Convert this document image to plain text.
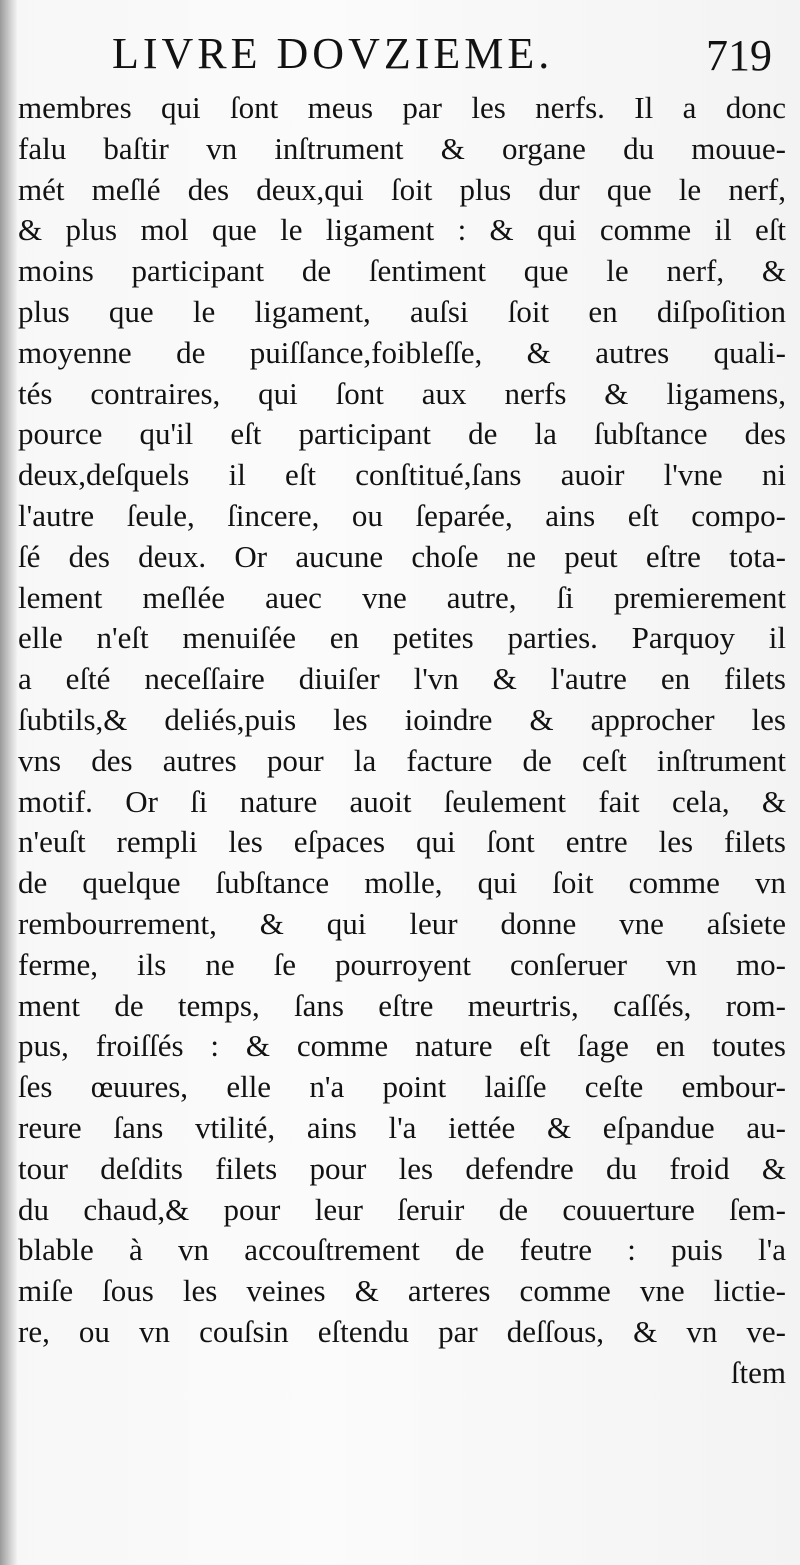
LIVRE DOVZIEME.	719
membres qui ſont meus par les nerfs. Il a donc
falu baſtir vn inſtrument & organe du mouue-
mét meſlé des deux,qui ſoit plus dur que le nerf,
& plus mol que le ligament : & qui comme il eſt
moins participant de ſentiment que le nerf, &
plus que le ligament, auſsi ſoit en diſpoſition
moyenne de puiſſance,foibleſſe, & autres quali-
tés contraires, qui ſont aux nerfs & ligamens,
pource qu'il eſt participant de la ſubſtance des
deux,deſquels il eſt conſtitué,ſans auoir l'vne ni
l'autre ſeule, ſincere, ou ſeparée, ains eſt compo-
ſé des deux. Or aucune choſe ne peut eſtre tota-
lement meſlée auec vne autre, ſi premierement
elle n'eſt menuiſée en petites parties. Parquoy il
a eſté neceſſaire diuiſer l'vn & l'autre en filets
ſubtils,& deliés,puis les ioindre & approcher les
vns des autres pour la facture de ceſt inſtrument
motif. Or ſi nature auoit ſeulement fait cela, &
n'euſt rempli les eſpaces qui ſont entre les filets
de quelque ſubſtance molle, qui ſoit comme vn
rembourrement, & qui leur donne vne aſsiete
ferme, ils ne ſe pourroyent conſeruer vn mo-
ment de temps, ſans eſtre meurtris, caſſés, rom-
pus, froiſſés : & comme nature eſt ſage en toutes
ſes œuures, elle n'a point laiſſe ceſte embour-
reure ſans vtilité, ains l'a iettée & eſpandue au-
tour deſdits filets pour les defendre du froid &
du chaud,& pour leur ſeruir de couuerture ſem-
blable à vn accouſtrement de feutre : puis l'a
miſe ſous les veines & arteres comme vne lictie-
re, ou vn couſsin eſtendu par deſſous, & vn ve-
ſtem
